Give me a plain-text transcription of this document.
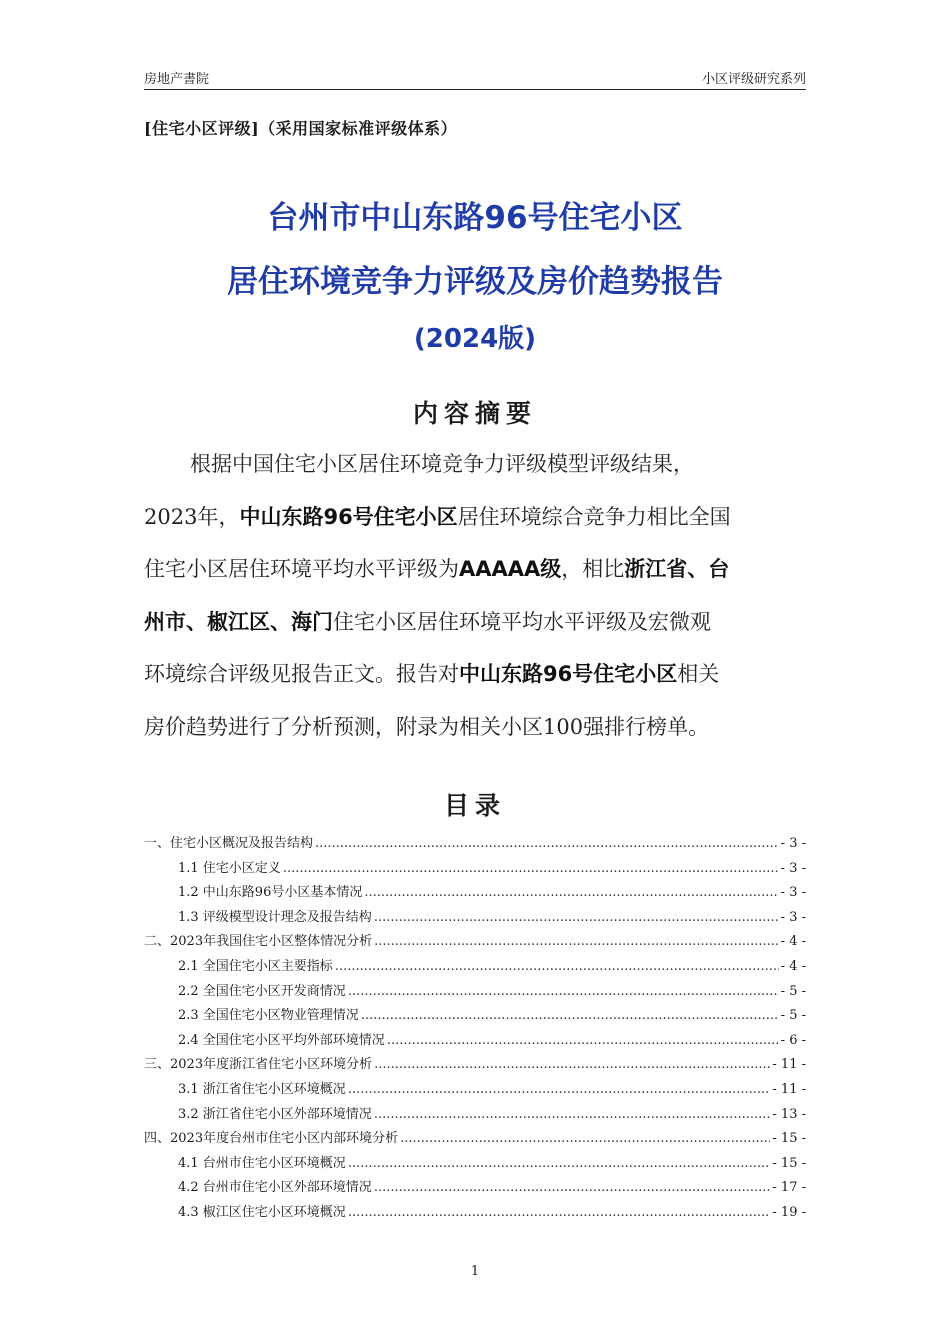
房地产書院	小区评级研究系列
[住宅小区评级]（采用国家标准评级体系）
台州市中山东路96号住宅小区
居住环境竞争力评级及房价趋势报告
(2024版)
内容摘要
根据中国住宅小区居住环境竞争力评级模型评级结果，
2023年，中山东路96号住宅小区居住环境综合竞争力相比全国
住宅小区居住环境平均水平评级为AAAAA级，相比浙江省、台
州市、椒江区、海门住宅小区居住环境平均水平评级及宏微观
环境综合评级见报告正文。报告对中山东路96号住宅小区相关
房价趋势进行了分析预测，附录为相关小区100强排行榜单。
目录
一、住宅小区概况及报告结构 .....	- 3 -
1.1 住宅小区定义 .....	- 3 -
1.2 中山东路96号小区基本情况 .....	- 3 -
1.3 评级模型设计理念及报告结构 .....	- 3 -
二、2023年我国住宅小区整体情况分析 .....	- 4 -
2.1 全国住宅小区主要指标 .....	- 4 -
2.2 全国住宅小区开发商情况 .....	- 5 -
2.3 全国住宅小区物业管理情况 .....	- 5 -
2.4 全国住宅小区平均外部环境情况 .....	- 6 -
三、2023年度浙江省住宅小区环境分析 .....	- 11 -
3.1 浙江省住宅小区环境概况 .....	- 11 -
3.2 浙江省住宅小区外部环境情况 .....	- 13 -
四、2023年度台州市住宅小区内部环境分析 .....	- 15 -
4.1 台州市住宅小区环境概况 .....	- 15 -
4.2 台州市住宅小区外部环境情况 .....	- 17 -
4.3 椒江区住宅小区环境概况 .....	- 19 -
1
